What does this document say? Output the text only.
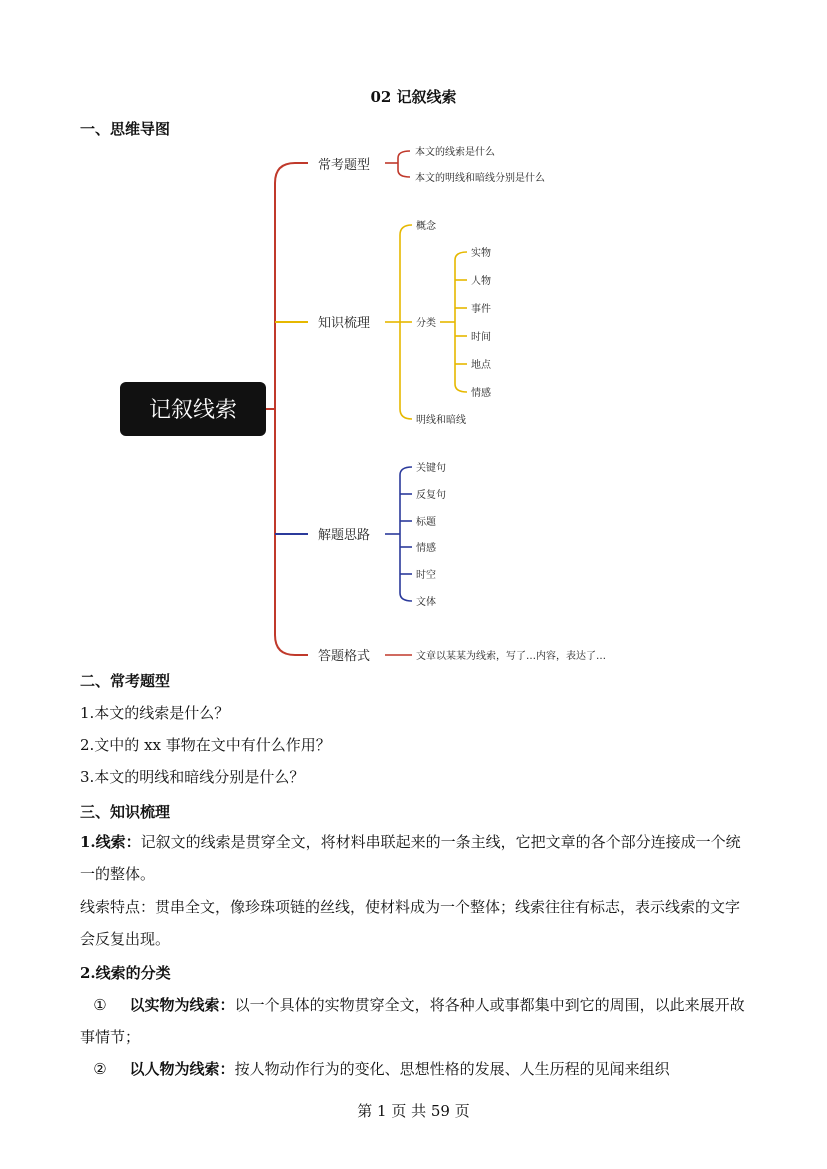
02 记叙线索
一、思维导图
记叙线索
常考题型
本文的线索是什么
本文的明线和暗线分别是什么
知识梳理
概念
分类
实物
人物
事件
时间
地点
情感
明线和暗线
解题思路
关键句
反复句
标题
情感
时空
文体
答题格式	文章以某某为线索，写了…内容，表达了…
二、常考题型
1.本文的线索是什么？
2.文中的 xx 事物在文中有什么作用？
3.本文的明线和暗线分别是什么？
三、知识梳理
1.线索：记叙文的线索是贯穿全文，将材料串联起来的一条主线，它把文章的各个部分连接成一个统一的整体。
线索特点：贯串全文，像珍珠项链的丝线，使材料成为一个整体；线索往往有标志，表示线索的文字会反复出现。
2.线索的分类
① 以实物为线索：以一个具体的实物贯穿全文，将各种人或事都集中到它的周围，以此来展开故事情节；
② 以人物为线索：按人物动作行为的变化、思想性格的发展、人生历程的见闻来组织
第 1 页 共 59 页
